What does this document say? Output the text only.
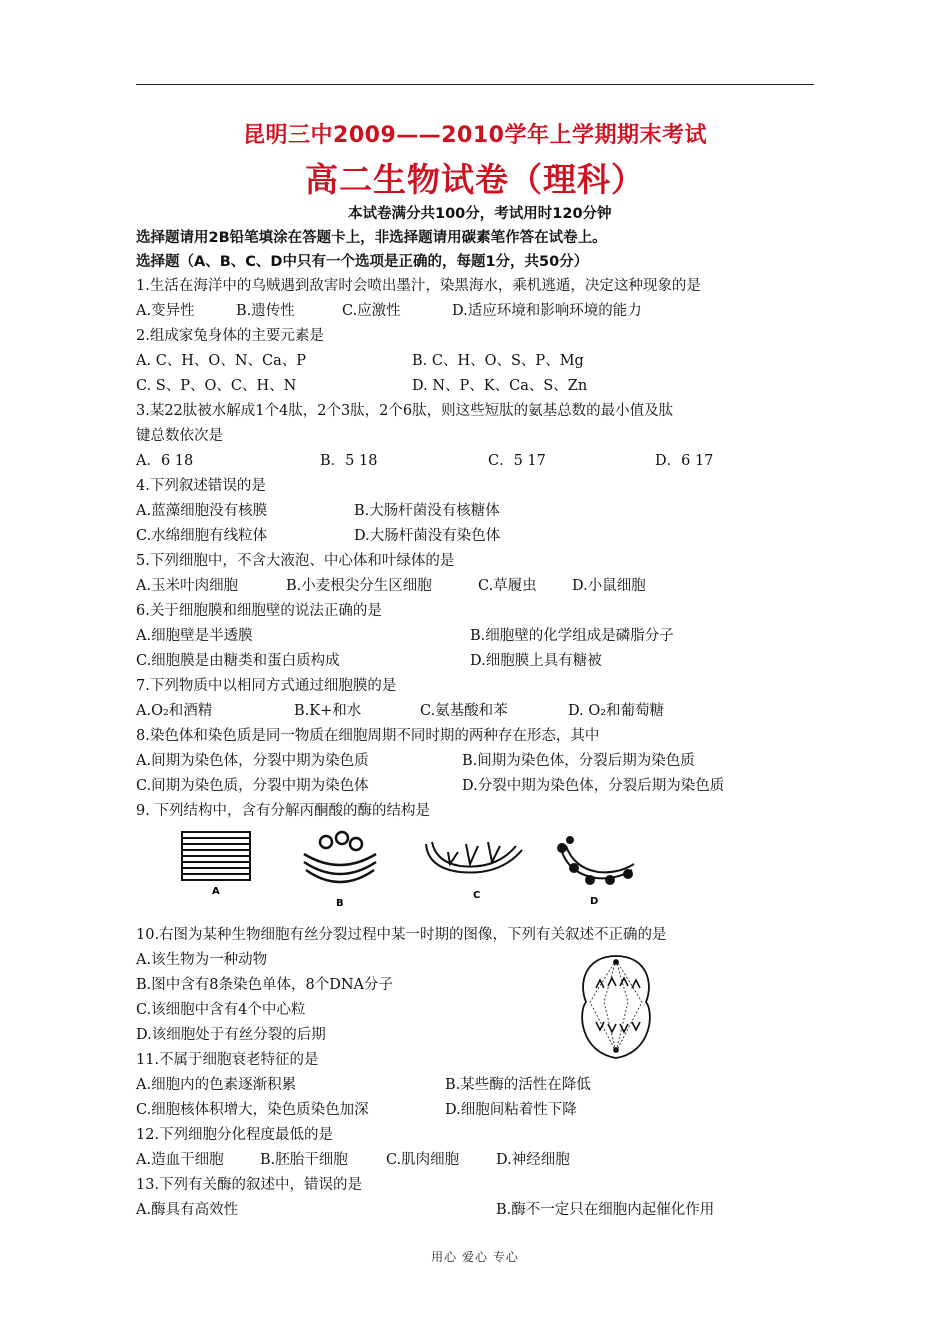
昆明三中2009——2010学年上学期期末考试
高二生物试卷（理科）
本试卷满分共100分，考试用时120分钟
选择题请用2B铅笔填涂在答题卡上，非选择题请用碳素笔作答在试卷上。
选择题（A、B、C、D中只有一个选项是正确的，每题1分，共50分）
1.生活在海洋中的乌贼遇到敌害时会喷出墨汁，染黑海水，乘机逃遁，决定这种现象的是
A.变异性	B.遗传性	C.应激性	D.适应环境和影响环境的能力
2.组成家兔身体的主要元素是
A. C、H、O、N、Ca、P	B. C、H、O、S、P、Mg
C. S、P、O、C、H、N	D. N、P、K、Ca、S、Zn
3.某22肽被水解成1个4肽，2个3肽，2个6肽，则这些短肽的氨基总数的最小值及肽
键总数依次是
A．6 18	B．5 18	C．5 17	D．6 17
4.下列叙述错误的是
A.蓝藻细胞没有核膜	B.大肠杆菌没有核糖体
C.水绵细胞有线粒体	D.大肠杆菌没有染色体
5.下列细胞中，不含大液泡、中心体和叶绿体的是
A.玉米叶肉细胞	B.小麦根尖分生区细胞	C.草履虫 D.小鼠细胞
6.关于细胞膜和细胞壁的说法正确的是
A.细胞壁是半透膜	B.细胞壁的化学组成是磷脂分子
C.细胞膜是由糖类和蛋白质构成	D.细胞膜上具有糖被
7.下列物质中以相同方式通过细胞膜的是
A.O₂和酒精	B.K+和水	C.氨基酸和苯	D. O₂和葡萄糖
8.染色体和染色质是同一物质在细胞周期不同时期的两种存在形态，其中
A.间期为染色体，分裂中期为染色质	B.间期为染色体，分裂后期为染色质
C.间期为染色质，分裂中期为染色体	D.分裂中期为染色体，分裂后期为染色质
9. 下列结构中，含有分解丙酮酸的酶的结构是
A
B
C
D
10.右图为某种生物细胞有丝分裂过程中某一时期的图像，下列有关叙述不正确的是
A.该生物为一种动物
B.图中含有8条染色单体，8个DNA分子
C.该细胞中含有4个中心粒
D.该细胞处于有丝分裂的后期
11.不属于细胞衰老特征的是
A.细胞内的色素逐渐积累	B.某些酶的活性在降低
C.细胞核体积增大，染色质染色加深	D.细胞间粘着性下降
12.下列细胞分化程度最低的是
A.造血干细胞	B.胚胎干细胞	C.肌肉细胞	D.神经细胞
13.下列有关酶的叙述中，错误的是
A.酶具有高效性	B.酶不一定只在细胞内起催化作用
用心 爱心 专心
